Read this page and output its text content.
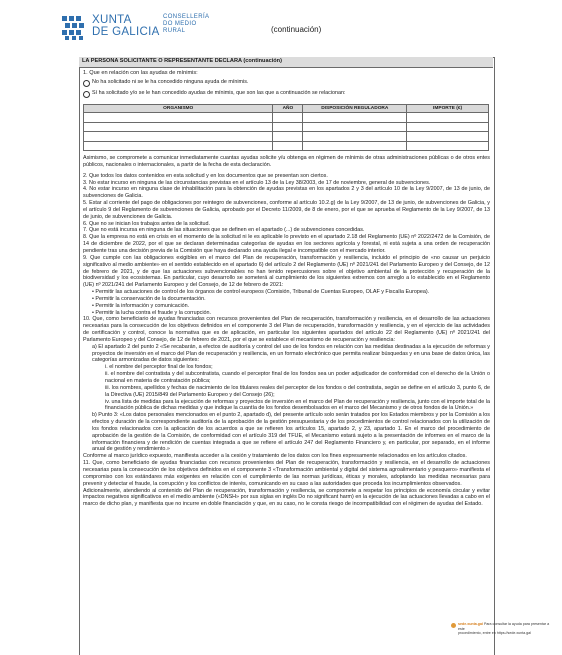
XUNTA
DE GALICIA
CONSELLERÍA
DO MEDIO
RURAL	(continuación)
LA PERSONA SOLICITANTE O REPRESENTANTE DECLARA (continuación)
1. Que en relación con las ayudas de mínimis:
No ha solicitado ni se le ha concedido ninguna ayuda de mínimis.
Sí ha solicitado y/o se le han concedido ayudas de mínimis, que son las que a continuación se relacionan:
ORGANISMO	AÑO	DISPOSICIÓN REGULADORA	IMPORTE (€)

Asimismo, se compromete a comunicar inmediatamente cuantas ayudas solicite y/u obtenga en régimen de mínimis de otras administraciones públicas o de otros entes públicos, nacionales o internacionales, a partir de la fecha de esta declaración.

2. Que todos los datos contenidos en esta solicitud y en los documentos que se presentan son ciertos.

3. No estar incurso en ninguna de las circunstancias previstas en el artículo 13 de la Ley 38/2003, de 17 de noviembre, general de subvenciones.

4. No estar incurso en ninguna clase de inhabilitación para la obtención de ayudas previstas en los apartados 2 y 3 del artículo 10 de la Ley 9/2007, de 13 de junio, de subvenciones de Galicia.

5. Estar al corriente del pago de obligaciones por reintegro de subvenciones, conforme al artículo 10.2.g) de la Ley 9/2007, de 13 de junio, de subvenciones de Galicia, y el artículo 9 del Reglamento de subvenciones de Galicia, aprobado por el Decreto 11/2009, de 8 de enero, por el que se aprueba el Reglamento de la Ley 9/2007, de 13 de junio, de subvenciones de Galicia.

6. Que no se inician los trabajos antes de la solicitud.

7. Que no está incursa en ninguna de las situaciones que se definen en el apartado (...) de subvenciones concedidas.

8. Que la empresa no está en crisis en el momento de la solicitud ni le es aplicable lo previsto en el apartado 2.18 del Reglamento (UE) nº 2022/2472 de la Comisión, de 14 de diciembre de 2022, por el que se declaran determinadas categorías de ayudas en los sectores agrícola y forestal, ni está sujeta a una orden de recuperación pendiente tras una decisión previa de la Comisión que haya declarado una ayuda ilegal e incompatible con el mercado interior.

9. Que cumple con las obligaciones exigibles en el marco del Plan de recuperación, transformación y resiliencia, incluido el principio de «no causar un perjuicio significativo al medio ambiente» en el sentido establecido en el apartado 6) del artículo 2 del Reglamento (UE) nº 2021/241 del Parlamento Europeo y del Consejo, de 12 de febrero de 2021, y de que las actuaciones subvencionables no han tenido repercusiones sobre el objetivo ambiental de la protección y recuperación de la biodiversidad y los ecosistemas. En particular, cuyo desarrollo se someterá al cumplimiento de los siguientes extremos con arreglo a lo establecido en el Reglamento (UE) nº 2021/241 del Parlamento Europeo y del Consejo, de 12 de febrero de 2021:

• Permitir las actuaciones de control de los órganos de control europeos (Comisión, Tribunal de Cuentas Europeo, OLAF y Fiscalía Europea).

• Permitir la conservación de la documentación.

• Permitir la información y comunicación.

• Permitir la lucha contra el fraude y la corrupción.

10. Que, como beneficiario de ayudas financiadas con recursos provenientes del Plan de recuperación, transformación y resiliencia, en el desarrollo de las actuaciones necesarias para la consecución de los objetivos definidos en el componente 3 del Plan de recuperación, transformación y resiliencia, y en el ejercicio de las actividades de certificación y control, conoce la normativa que es de aplicación, en particular los siguientes apartados del artículo 22 del Reglamento (UE) nº 2021/241 del Parlamento Europeo y del Consejo, de 12 de febrero de 2021, por el que se establece el mecanismo de recuperación y resiliencia:

a) El apartado 2 del punto 2 «Se recabarán, a efectos de auditoría y control del uso de los fondos en relación con las medidas destinadas a la ejecución de reformas y proyectos de inversión en el marco del Plan de recuperación y resiliencia, en un formato electrónico que permita realizar búsquedas y en una base de datos única, las categorías armonizadas de datos siguientes:

i. el nombre del perceptor final de los fondos;

ii. el nombre del contratista y del subcontratista, cuando el perceptor final de los fondos sea un poder adjudicador de conformidad con el derecho de la Unión o nacional en materia de contratación pública;

iii. los nombres, apellidos y fechas de nacimiento de los titulares reales del perceptor de los fondos o del contratista, según se define en el artículo 3, punto 6, de la Directiva (UE) 2015/849 del Parlamento Europeo y del Consejo (26);

iv. una lista de medidas para la ejecución de reformas y proyectos de inversión en el marco del Plan de recuperación y resiliencia, junto con el importe total de la financiación pública de dichas medidas y que indique la cuantía de los fondos desembolsados en el marco del Mecanismo y de otros fondos de la Unión.»

b) Punto 3: «Los datos personales mencionados en el punto 2, apartado d), del presente artículo solo serán tratados por los Estados miembros y por la Comisión a los efectos y duración de la correspondiente auditoría de la aprobación de la gestión presupuestaria y de los procedimientos de control relacionados con la utilización de los fondos relacionados con la aplicación de los acuerdos a que se refieren los artículos 15, apartado 2, y 23, apartado 1. En el marco del procedimiento de aprobación de la gestión de la Comisión, de conformidad con el artículo 319 del TFUE, el Mecanismo estará sujeto a la presentación de informes en el marco de la información financiera y de rendición de cuentas integrada a que se refiere el artículo 247 del Reglamento Financiero y, en particular, por separado, en el informe anual de gestión y rendimiento.»

Conforme al marco jurídico expuesto, manifiesta acceder a la cesión y tratamiento de los datos con los fines expresamente relacionados en los artículos citados.

11. Que, como beneficiario de ayudas financiadas con recursos provenientes del Plan de recuperación, transformación y resiliencia, en el desarrollo de actuaciones necesarias para la consecución de los objetivos definidos en el componente 3 «Transformación ambiental y digital del sistema agroalimentario y pesquero» manifiesta el compromiso con los estándares más exigentes en relación con el cumplimiento de las normas jurídicas, éticas y morales, adoptando las medidas necesarias para prevenir y detectar el fraude, la corrupción y los conflictos de interés, comunicando en su caso a las autoridades que proceda los incumplimientos observados.

Adicionalmente, atendiendo al contenido del Plan de recuperación, transformación y resiliencia, se compromete a respetar los principios de economía circular y evitar impactos negativos significativos en el medio ambiente («DNSH» por sus siglas en inglés Do no significant harm) en la ejecución de las actuaciones llevadas a cabo en el marco de dicho plan, y manifiesta que no incurre en doble financiación y que, en su caso, no le consta riesgo de incompatibilidad con el régimen de ayudas del Estado.

sede.xunta.gal Para consultar la ayuda para presentar a este
procedimiento, entre en https://sede.xunta.gal
